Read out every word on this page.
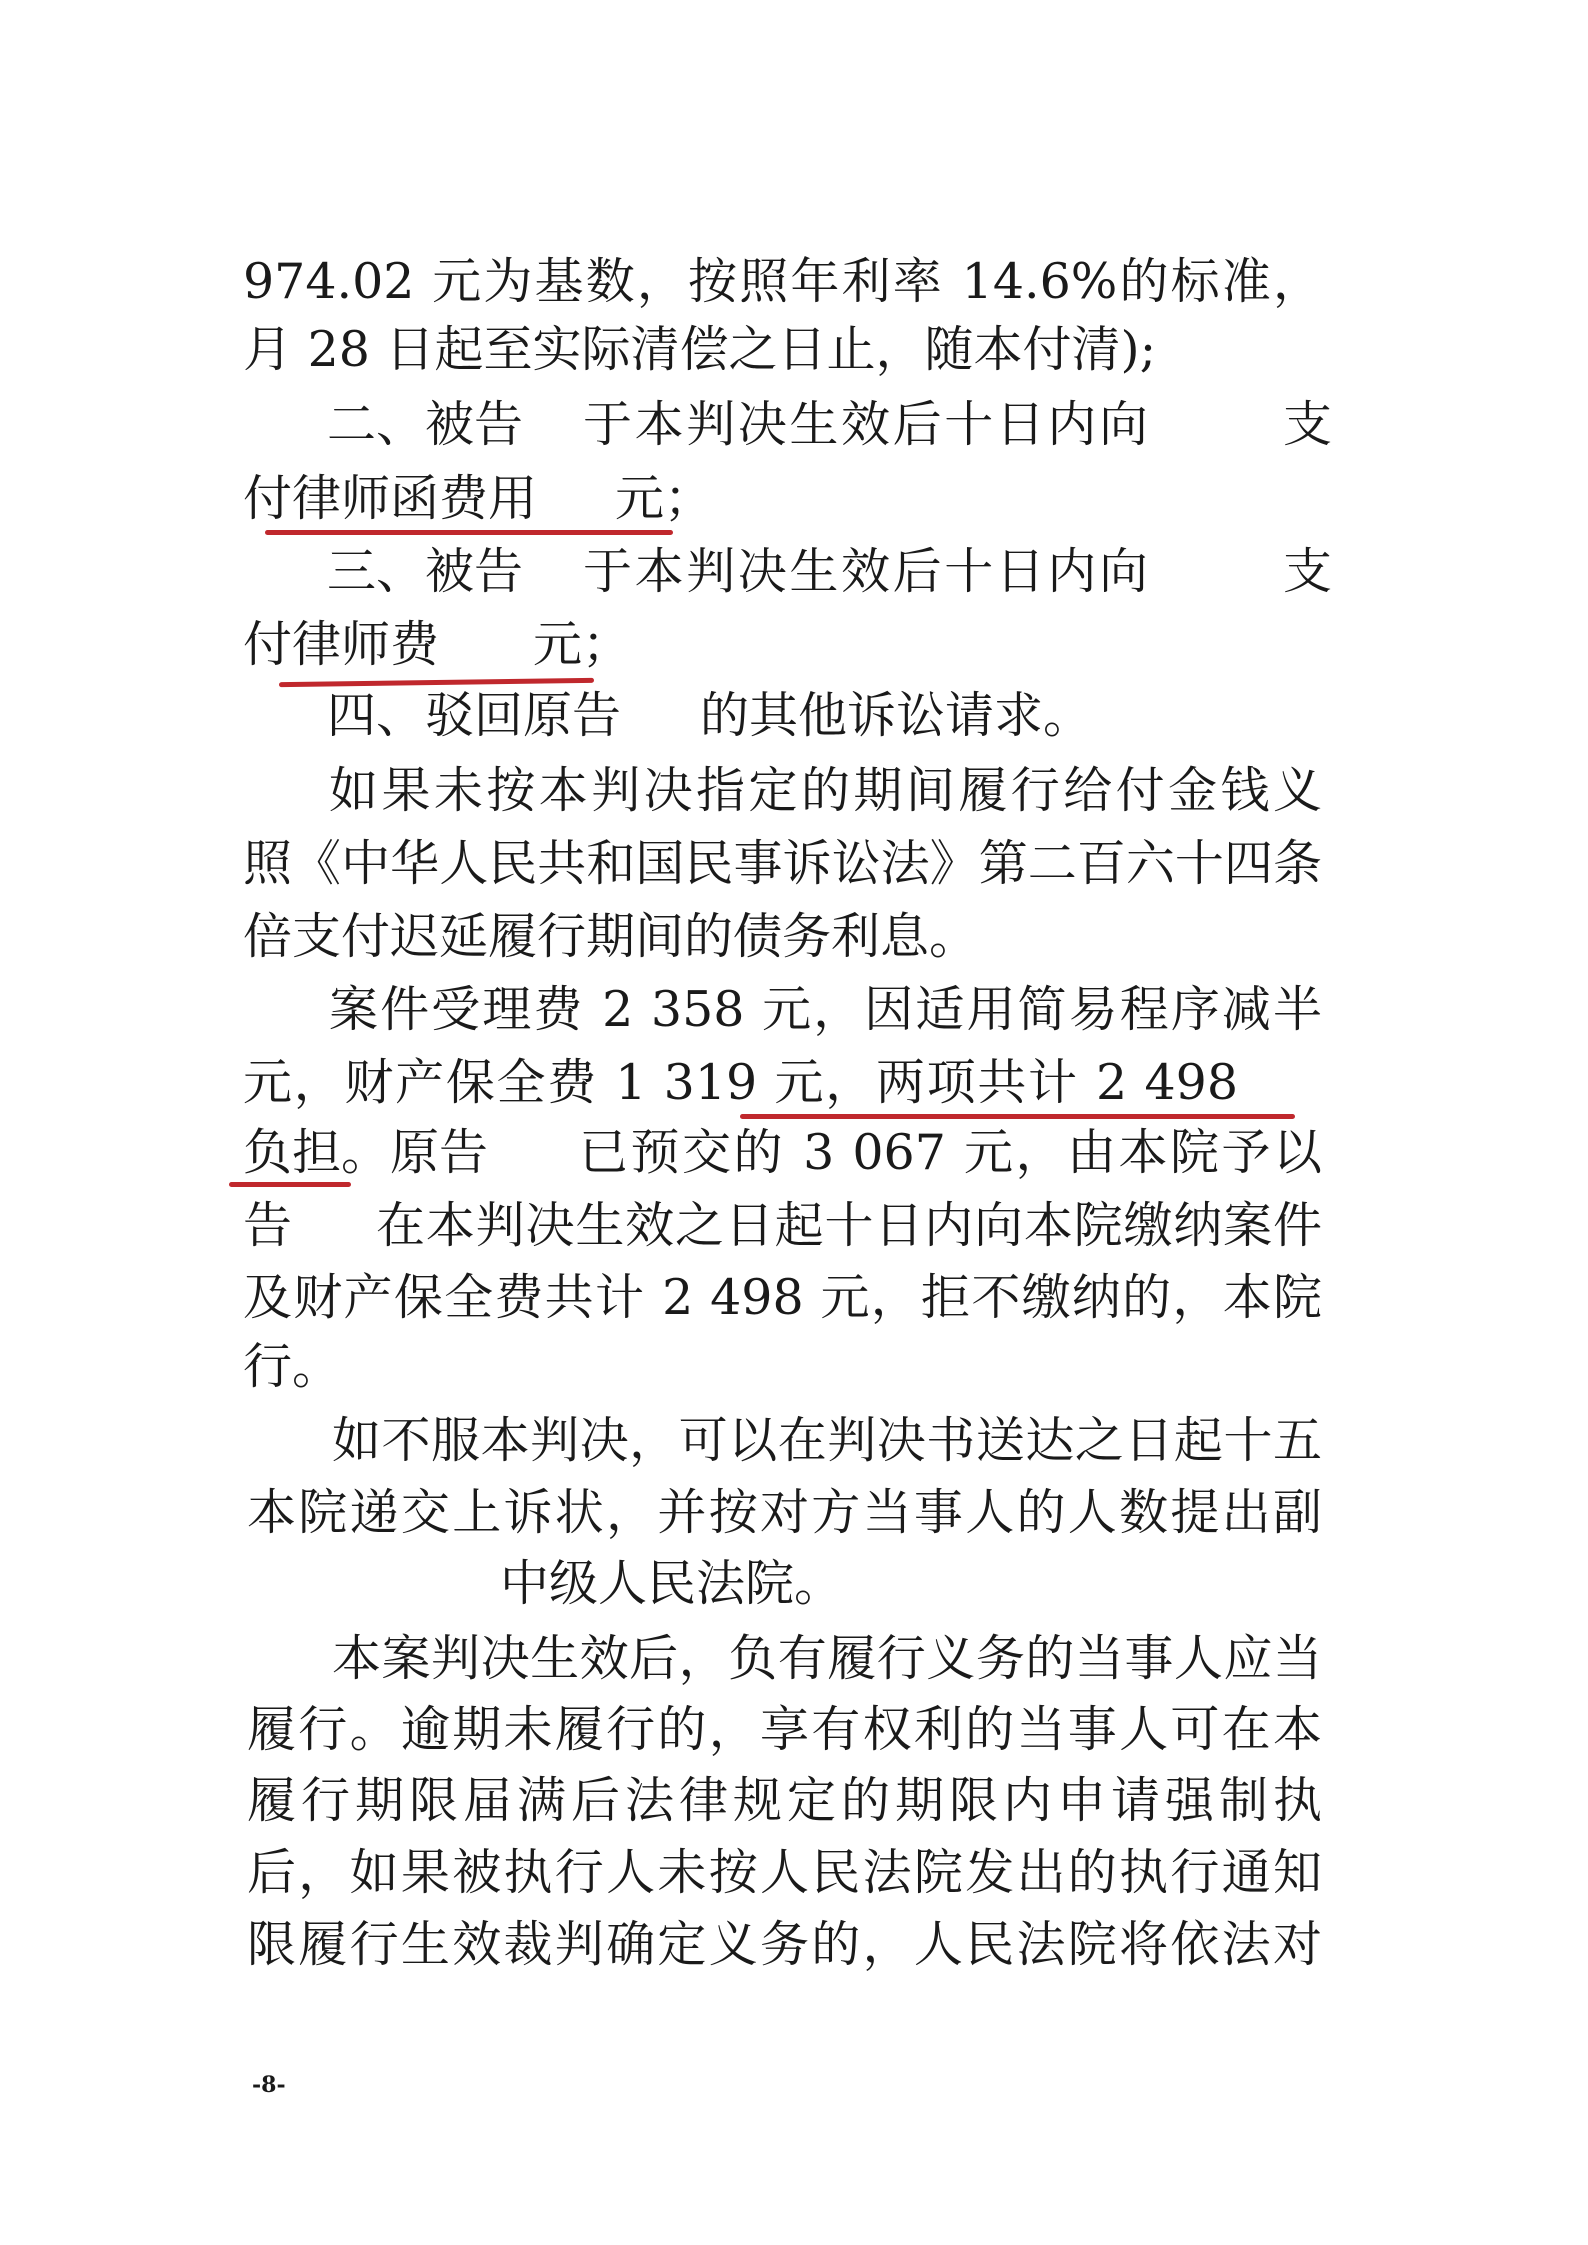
974.02 元为基数，按照年利率 14.6%的标准，
月 28 日起至实际清偿之日止，随本付清);
二、被告 于本判决生效后十日内向	支
付律师函费用 元；
三、被告 于本判决生效后十日内向	支
付律师费 元；
四、驳回原告 的其他诉讼请求。
如果未按本判决指定的期间履行给付金钱义
照《中华人民共和国民事诉讼法》第二百六十四条
倍支付迟延履行期间的债务利息。
案件受理费 2 358 元，因适用简易程序减半
元，财产保全费 1 319 元，两项共计 2 498
负担。原告 已预交的 3 067 元，由本院予以
告 在本判决生效之日起十日内向本院缴纳案件
及财产保全费共计 2 498 元，拒不缴纳的，本院
行。
如不服本判决，可以在判决书送达之日起十五
本院递交上诉状，并按对方当事人的人数提出副
中级人民法院。
本案判决生效后，负有履行义务的当事人应当
履行。逾期未履行的，享有权利的当事人可在本
履行期限届满后法律规定的期限内申请强制执
后，如果被执行人未按人民法院发出的执行通知
限履行生效裁判确定义务的，人民法院将依法对
-8-
